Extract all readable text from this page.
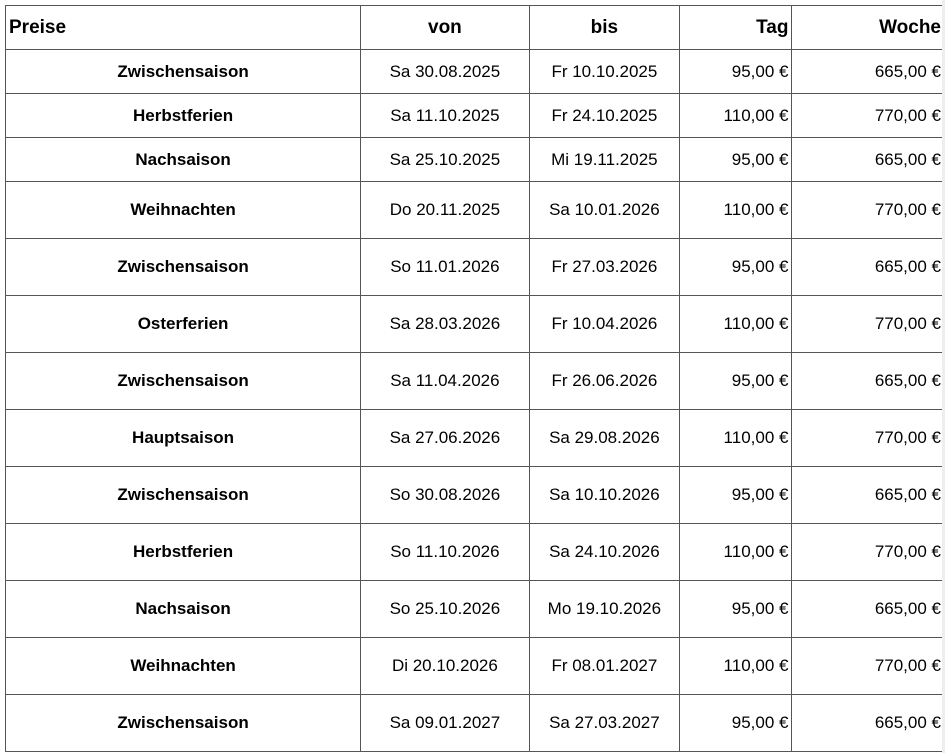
Preise	von	bis	Tag	Woche
Zwischensaison	Sa 30.08.2025	Fr 10.10.2025	95,00 €	665,00 €
Herbstferien	Sa 11.10.2025	Fr 24.10.2025	110,00 €	770,00 €
Nachsaison	Sa 25.10.2025	Mi 19.11.2025	95,00 €	665,00 €
Weihnachten	Do 20.11.2025	Sa 10.01.2026	110,00 €	770,00 €
Zwischensaison	So 11.01.2026	Fr 27.03.2026	95,00 €	665,00 €
Osterferien	Sa 28.03.2026	Fr 10.04.2026	110,00 €	770,00 €
Zwischensaison	Sa 11.04.2026	Fr 26.06.2026	95,00 €	665,00 €
Hauptsaison	Sa 27.06.2026	Sa 29.08.2026	110,00 €	770,00 €
Zwischensaison	So 30.08.2026	Sa 10.10.2026	95,00 €	665,00 €
Herbstferien	So 11.10.2026	Sa 24.10.2026	110,00 €	770,00 €
Nachsaison	So 25.10.2026	Mo 19.10.2026	95,00 €	665,00 €
Weihnachten	Di 20.10.2026	Fr 08.01.2027	110,00 €	770,00 €
Zwischensaison	Sa 09.01.2027	Sa 27.03.2027	95,00 €	665,00 €
